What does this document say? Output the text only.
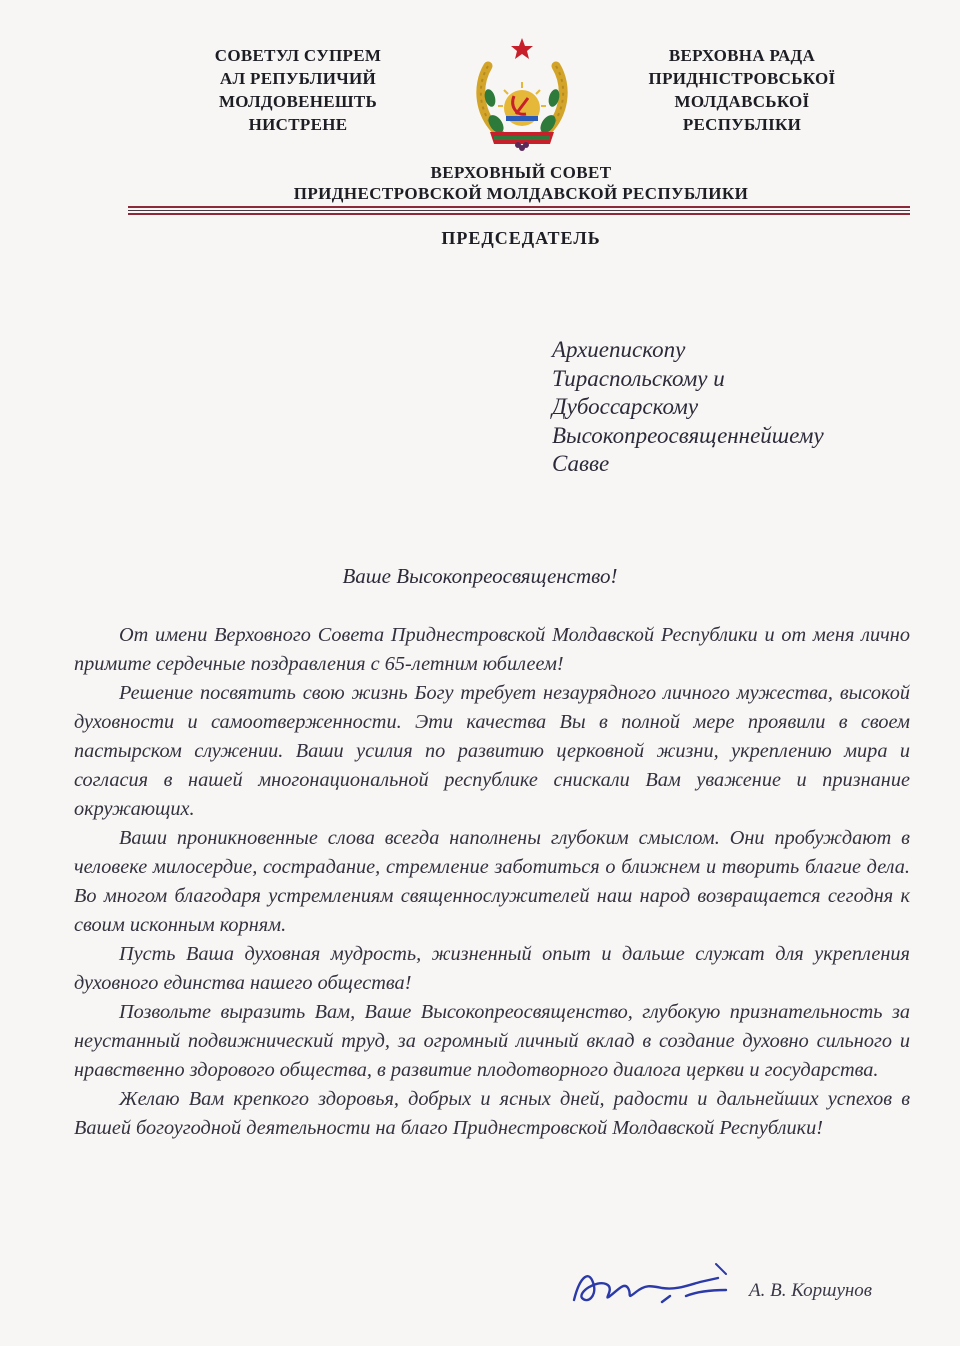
СОВЕТУЛ СУПРЕМ
АЛ РЕПУБЛИЧИЙ
МОЛДОВЕНЕШТЬ
НИСТРЕНЕ
ВЕРХОВНА РАДА
ПРИДНІСТРОВСЬКОЇ
МОЛДАВСЬКОЇ
РЕСПУБЛІКИ
ВЕРХОВНЫЙ СОВЕТ
ПРИДНЕСТРОВСКОЙ МОЛДАВСКОЙ РЕСПУБЛИКИ
ПРЕДСЕДАТЕЛЬ
Архиепископу
Тираспольскому и
Дубоссарскому
Высокопреосвященнейшему
Савве
Ваше Высокопреосвященство!

От имени Верховного Совета Приднестровской Молдавской Республики и от меня лично примите сердечные поздравления с 65-летним юбилеем!

Решение посвятить свою жизнь Богу требует незаурядного личного мужества, высокой духовности и самоотверженности. Эти качества Вы в полной мере проявили в своем пастырском служении. Ваши усилия по развитию церковной жизни, укреплению мира и согласия в нашей многонациональной республике снискали Вам уважение и признание окружающих.

Ваши проникновенные слова всегда наполнены глубоким смыслом. Они пробуждают в человеке милосердие, сострадание, стремление заботиться о ближнем и творить благие дела. Во многом благодаря устремлениям священнослужителей наш народ возвращается сегодня к своим исконным корням.

Пусть Ваша духовная мудрость, жизненный опыт и дальше служат для укрепления духовного единства нашего общества!

Позвольте выразить Вам, Ваше Высокопреосвященство, глубокую признательность за неустанный подвижнический труд, за огромный личный вклад в создание духовно сильного и нравственно здорового общества, в развитие плодотворного диалога церкви и государства.

Желаю Вам крепкого здоровья, добрых и ясных дней, радости и дальнейших успехов в Вашей богоугодной деятельности на благо Приднестровской Молдавской Республики!

А. В. Коршунов
